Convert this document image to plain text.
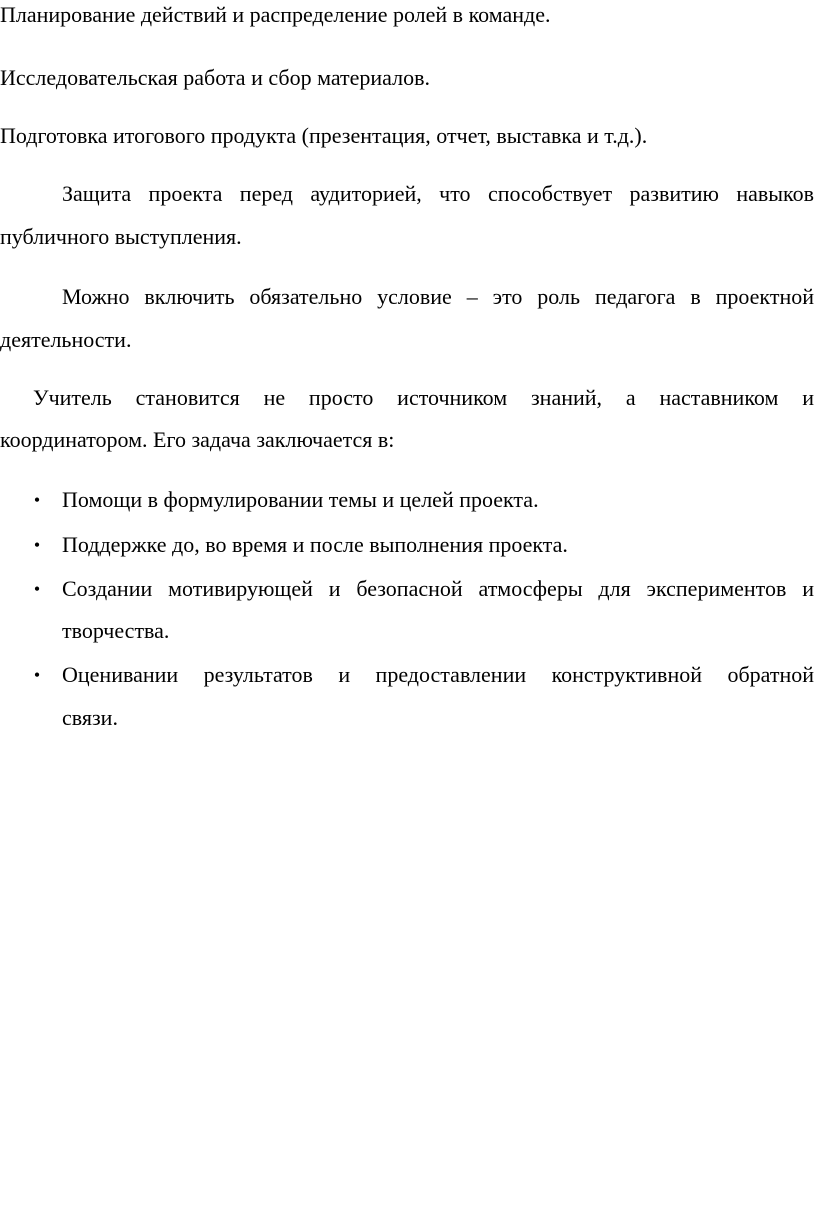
Планирование действий и распределение ролей в команде.
Исследовательская работа и сбор материалов.
Подготовка итогового продукта (презентация, отчет, выставка и т.д.).
Защита проекта перед аудиторией, что способствует развитию навыков
публичного выступления.
Можно включить обязательно условие – это роль педагога в проектной
деятельности.
Учитель становится не просто источником знаний, а наставником и
координатором. Его задача заключается в:
• Помощи в формулировании темы и целей проекта.
• Поддержке до, во время и после выполнения проекта.
• Создании мотивирующей и безопасной атмосферы для экспериментов и
творчества.
• Оценивании результатов и предоставлении конструктивной обратной
связи.
